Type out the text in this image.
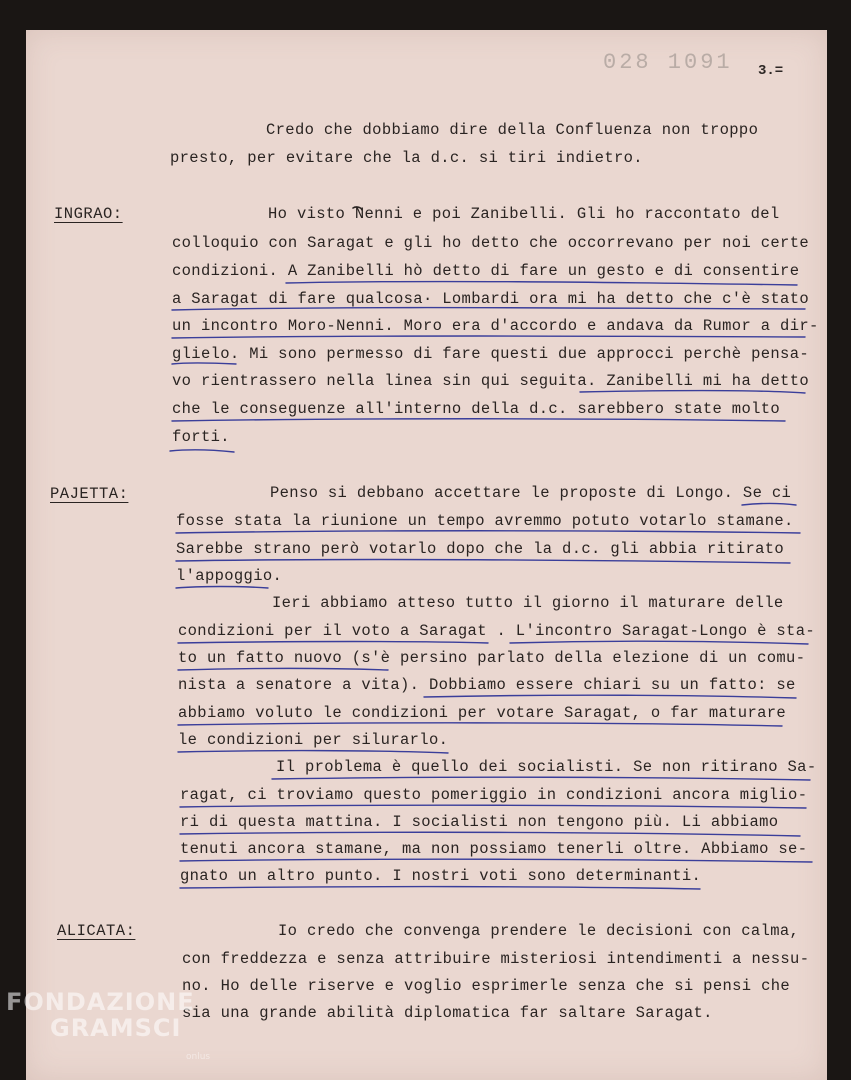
028 1091 3.=
INGRAO:
PAJETTA:
ALICATA:
Credo che dobbiamo dire della Confluenza non troppo
presto, per evitare che la d.c. si tiri indietro.
Ho visto Nenni e poi Zanibelli. Gli ho raccontato del
colloquio con Saragat e gli ho detto che occorrevano per noi certe
condizioni. A Zanibelli hò detto di fare un gesto e di consentire
a Saragat di fare qualcosa· Lombardi ora mi ha detto che c'è stato
un incontro Moro-Nenni. Moro era d'accordo e andava da Rumor a dir-
glielo. Mi sono permesso di fare questi due approcci perchè pensa-
vo rientrassero nella linea sin qui seguita. Zanibelli mi ha detto
che le conseguenze all'interno della d.c. sarebbero state molto
forti.
Penso si debbano accettare le proposte di Longo. Se ci
fosse stata la riunione un tempo avremmo potuto votarlo stamane.
Sarebbe strano però votarlo dopo che la d.c. gli abbia ritirato
l'appoggio.
Ieri abbiamo atteso tutto il giorno il maturare delle
condizioni per il voto a Saragat . L'incontro Saragat-Longo è sta-
to un fatto nuovo (s'è persino parlato della elezione di un comu-
nista a senatore a vita). Dobbiamo essere chiari su un fatto: se
abbiamo voluto le condizioni per votare Saragat, o far maturare
le condizioni per silurarlo.
Il problema è quello dei socialisti. Se non ritirano Sa-
ragat, ci troviamo questo pomeriggio in condizioni ancora miglio-
ri di questa mattina. I socialisti non tengono più. Li abbiamo
tenuti ancora stamane, ma non possiamo tenerli oltre. Abbiamo se-
gnato un altro punto. I nostri voti sono determinanti.
Io credo che convenga prendere le decisioni con calma,
con freddezza e senza attribuire misteriosi intendimenti a nessu-
no. Ho delle riserve e voglio esprimerle senza che si pensi che
sia una grande abilità diplomatica far saltare Saragat.
FONDAZIONE
GRAMSCI
onlus
